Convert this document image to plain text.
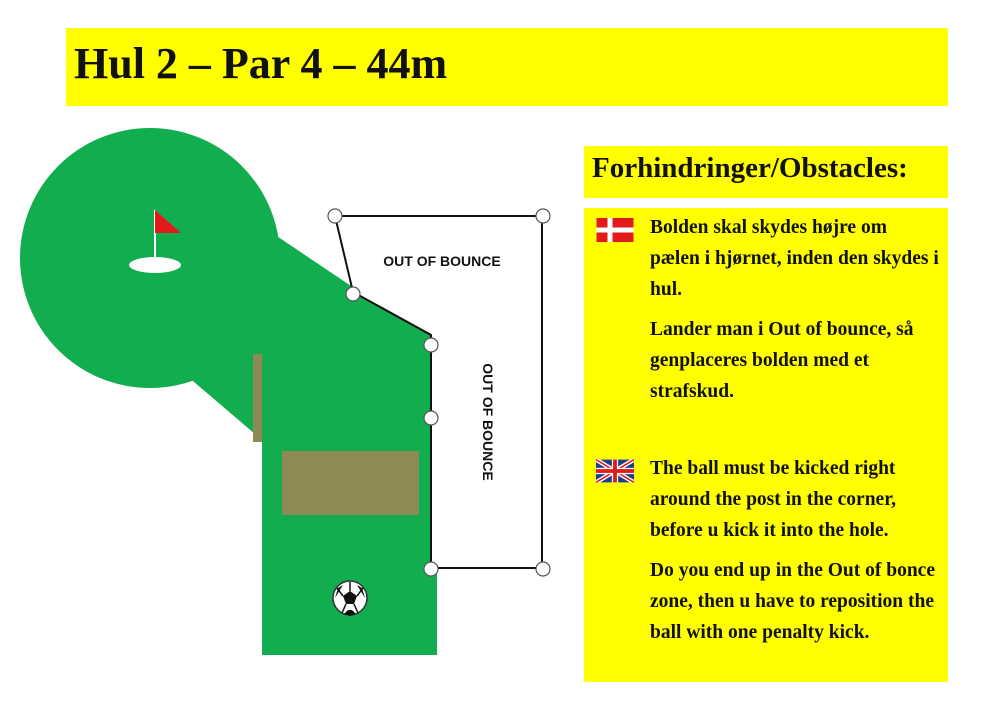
Hul 2 – Par 4 – 44m
OUT OF BOUNCE
OUT OF BOUNCE
Forhindringer/Obstacles:
Bolden skal skydes højre om pælen i hjørnet, inden den skydes i hul.
Lander man i Out of bounce, så genplaceres bolden med et strafskud.
The ball must be kicked right around the post in the corner, before u kick it into the hole.
Do you end up in the Out of bonce zone, then u have to reposition the ball with one penalty kick.
